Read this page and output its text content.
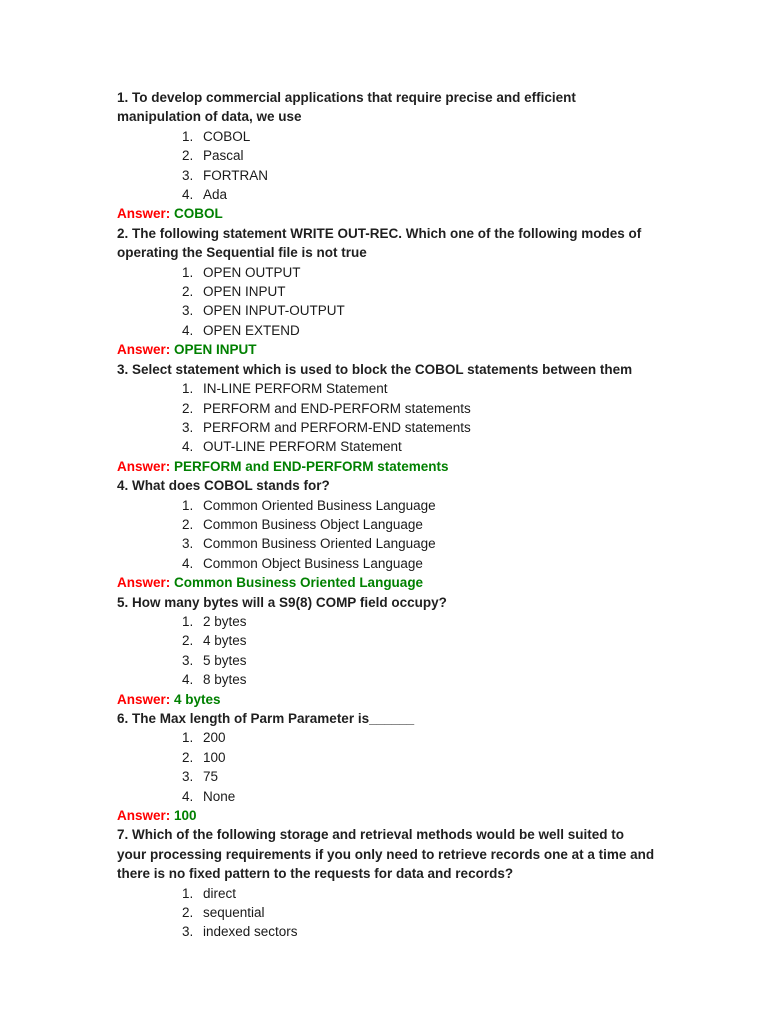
1. To develop commercial applications that require precise and efficient manipulation of data, we use

1. COBOL
2. Pascal
3. FORTRAN
4. Ada

Answer: COBOL

2. The following statement WRITE OUT-REC. Which one of the following modes of operating the Sequential file is not true

1. OPEN OUTPUT
2. OPEN INPUT
3. OPEN INPUT-OUTPUT
4. OPEN EXTEND

Answer: OPEN INPUT

3. Select statement which is used to block the COBOL statements between them

1. IN-LINE PERFORM Statement
2. PERFORM and END-PERFORM statements
3. PERFORM and PERFORM-END statements
4. OUT-LINE PERFORM Statement

Answer: PERFORM and END-PERFORM statements

4. What does COBOL stands for?

1. Common Oriented Business Language
2. Common Business Object Language
3. Common Business Oriented Language
4. Common Object Business Language

Answer: Common Business Oriented Language

5. How many bytes will a S9(8) COMP field occupy?

1. 2 bytes
2. 4 bytes
3. 5 bytes
4. 8 bytes

Answer: 4 bytes

6. The Max length of Parm Parameter is______

1. 200
2. 100
3. 75
4. None

Answer: 100

7. Which of the following storage and retrieval methods would be well suited to your processing requirements if you only need to retrieve records one at a time and there is no fixed pattern to the requests for data and records?

1. direct
2. sequential
3. indexed sectors
